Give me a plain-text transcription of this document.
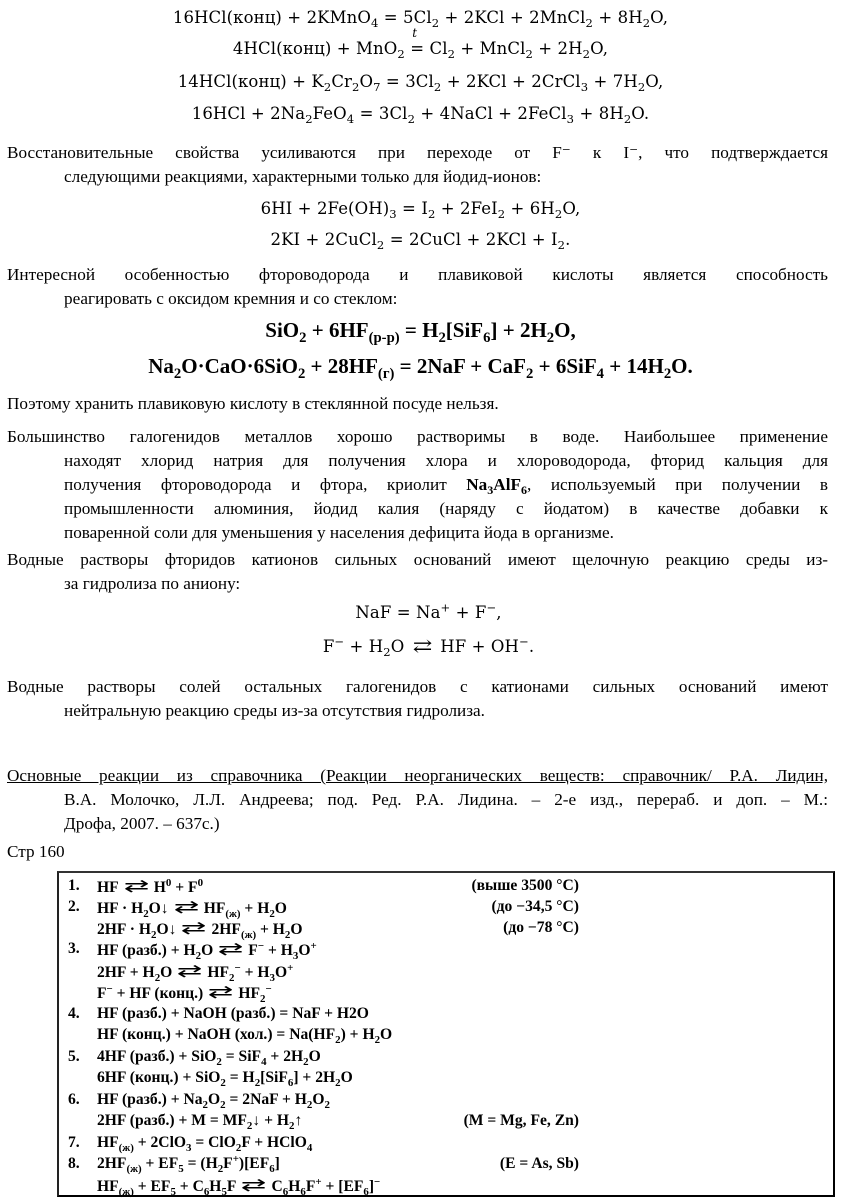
16HCl(конц) + 2KMnO$_4$ = $5Cl_2 + 2KCl$ + 2MnCl$_2$ + $8H_2O$,
4HCl(конц) + MnO$_2$ =
t
$Cl_2$ + MnCl$_2$ + $2H_2O$,
14HCl(конц) + $K_2Cr_2O_7 = 3Cl_2 + 2KCl$ + 2CrCl$_3$ + $7H_2O$,
$16HCl + 2Na_2FeO_4 = 3Cl_2$ + 4NaCl + 2FeCl$_3$ + $8H_2O$.
Восстановительные свойства усиливаются при переходе от F⁻ к I⁻, что подтверждается
следующими реакциями, характерными только для йодид-ионов:
$6HI + 2Fe(OH)_3 = I_2 + 2FeI_2 + 6H_2O$,
2KI + 2CuCl$_2$ = 2CuCl + $2KCl + I_2$.
Интересной особенностью фтороводорода и плавиковой кислоты является способность
реагировать с оксидом кремния и со стеклом:
$SiO_2 + 6HF_{(р-р)} = H_2[SiF_6] + 2H_2O$,
$Na_2O\cdot CaO\cdot 6SiO_2 + 28HF_{(г)} = 2NaF + CaF_2 + 6SiF_4 + 14H_2O$.
Поэтому хранить плавиковую кислоту в стеклянной посуде нельзя.
Большинство галогенидов металлов хорошо растворимы в воде. Наибольшее применение
находят хлорид натрия для получения хлора и хлороводорода, фторид кальция для
получения фтороводорода и фтора, криолит $Na_3AlF_6$, используемый при получении в
промышленности алюминия, йодид калия (наряду с йодатом) в качестве добавки к
поваренной соли для уменьшения у населения дефицита йода в организме.
Водные растворы фторидов катионов сильных оснований имеют щелочную реакцию среды из-
за гидролиза по аниону:
NaF = Na+ + F−,
$F^- + H_2O$ ⇄ HF + OH−.
Водные растворы солей остальных галогенидов с катионами сильных оснований имеют
нейтральную реакцию среды из-за отсутствия гидролиза.
Основные реакции из справочника (Реакции неорганических веществ: справочник/ Р.А. Лидин,
В.А. Молочко, Л.Л. Андреева; под. Ред. Р.А. Лидина. – 2-е изд., перераб. и доп. – М.:
Дрофа, 2007. – 637с.)
Стр 160
1. HF ⇄ $H^0 + F^0$	(выше 3500 °C)
2. HF · $H_2O↓$ ⇄ $HF_{(ж)} + H_2O$	(до −34,5 °C)
$2HF \cdot H_2O↓$ ⇄ $2HF_{(ж)} + H_2O$	(до −78 °C)
3. HF (разб.) + $H_2O$ ⇄ $F^- + H_3O^+$
$2HF + H_2O$ ⇄ $HF_2^- + H_3O^+$
F− + HF (конц.) ⇄ $HF_2^-$
4. HF (разб.) + NaOH (разб.) = NaF + H2O
HF (конц.) + NaOH $(хол.) = Na(HF_2) + H_2O$
5. 4HF (разб.) + $SiO_2 = SiF_4 + 2H_2O$
6HF (конц.) + $SiO_2 = H_2[SiF_6] + 2H_2O$
6. HF (разб.) + $Na_2O_2 = 2NaF + H_2O_2$
2HF (разб.) + $M = MF_2↓$ + $H_2↑$	(M = Mg, Fe, Zn)
7. $HF_{(ж)} + 2ClO_3 = ClO_2F$ + HClO$_4$
8. $2HF_{(ж)} + EF_5 = (H_2F^+)[EF_6]$	(E = As, Sb)
$HF_{(ж)} + EF_5 + C_6H_5F$ ⇄ $C_6H_6F^+ + [EF_6]^-$
